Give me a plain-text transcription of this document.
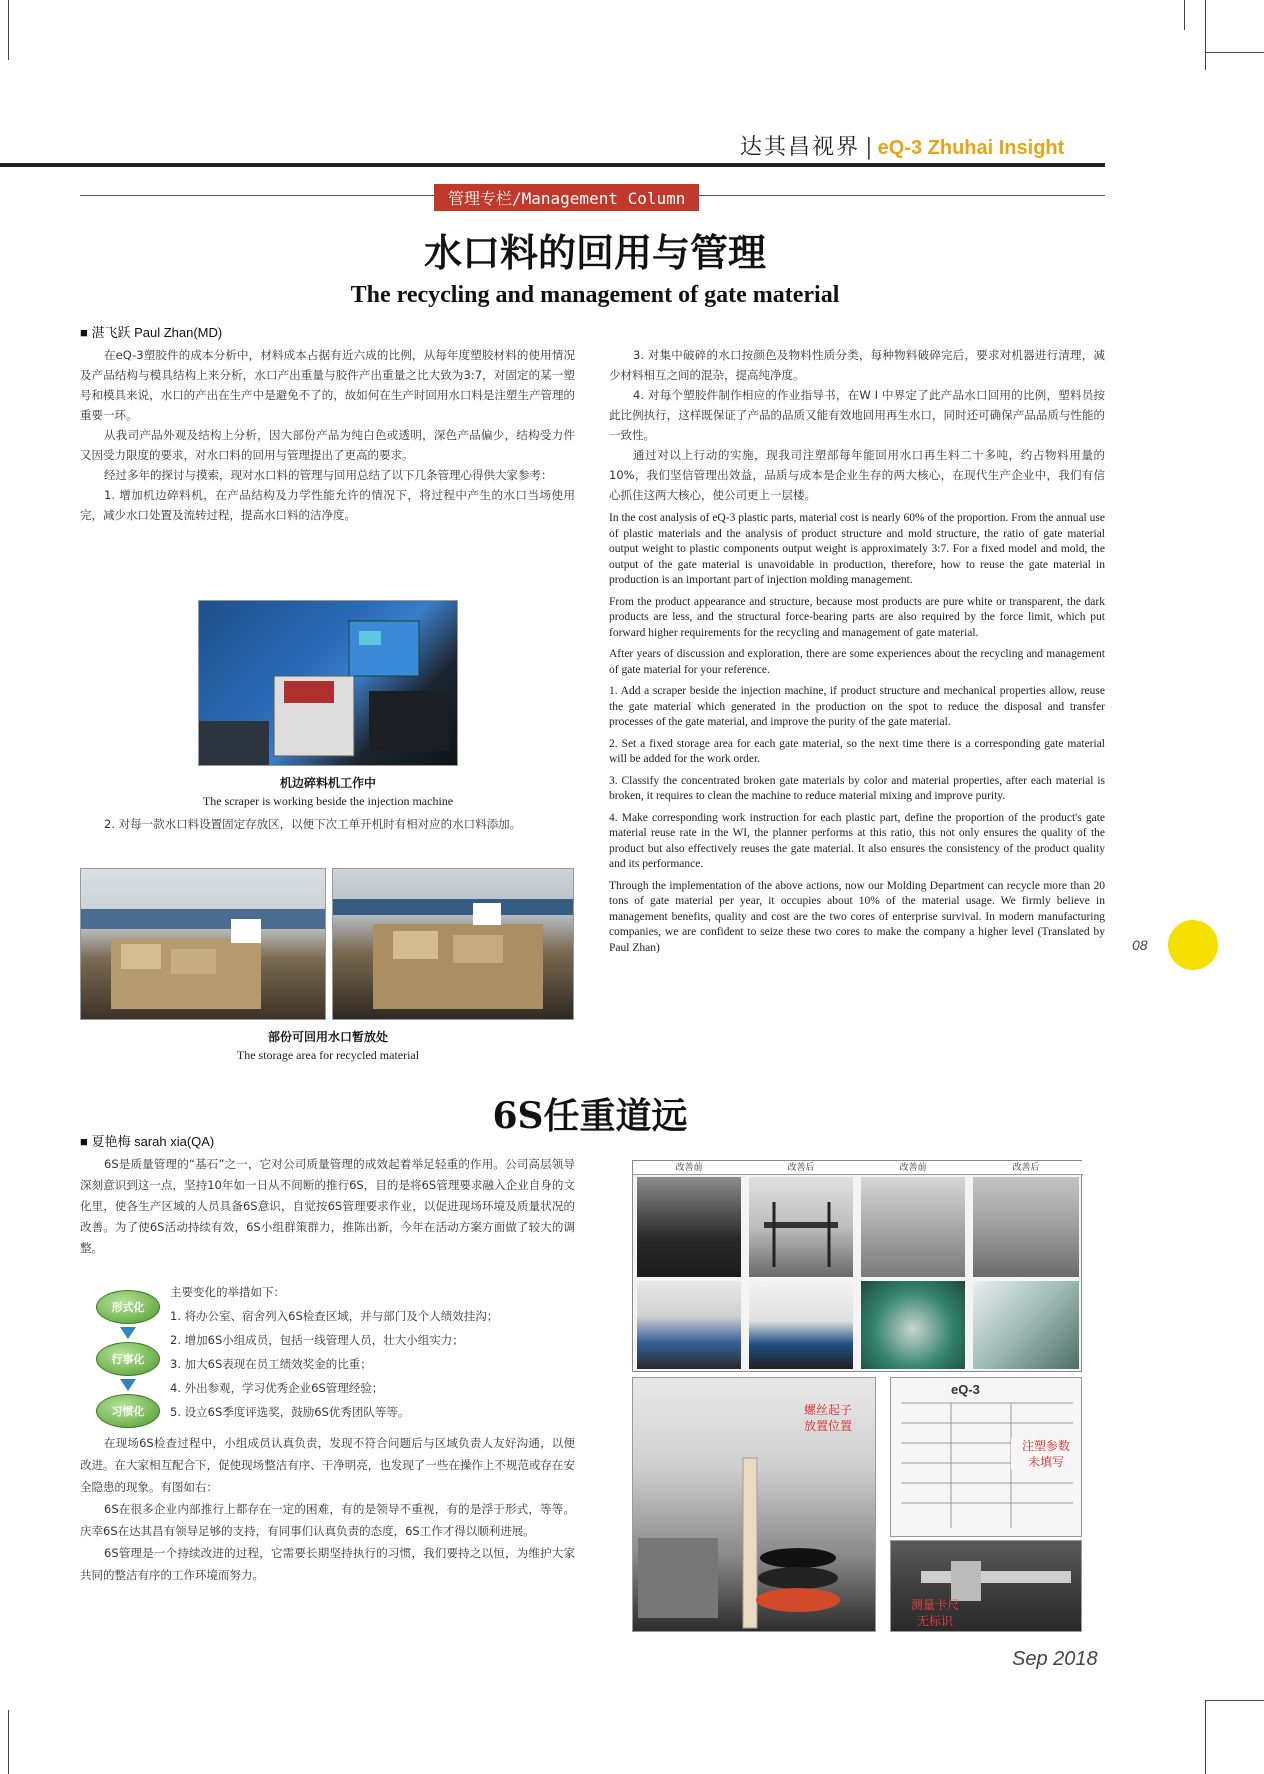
达其昌视界 | eQ-3 Zhuhai Insight
管理专栏/Management Column
水口料的回用与管理
The recycling and management of gate material
■ 湛飞跃 Paul Zhan(MD)

在eQ-3塑胶件的成本分析中，材料成本占据有近六成的比例，从每年度塑胶材料的使用情况及产品结构与模具结构上来分析，水口产出重量与胶件产出重量之比大致为3:7，对固定的某一塑号和模具来说，水口的产出在生产中是避免不了的，故如何在生产时回用水口料是注塑生产管理的重要一环。

从我司产品外观及结构上分析，因大部份产品为纯白色或透明，深色产品偏少，结构受力件又因受力限度的要求，对水口料的回用与管理提出了更高的要求。

经过多年的探讨与摸索，现对水口料的管理与回用总结了以下几条管理心得供大家参考：

1. 增加机边碎料机，在产品结构及力学性能允许的情况下，将过程中产生的水口当场使用完，减少水口处置及流转过程，提高水口料的洁净度。

机边碎料机工作中
The scraper is working beside the injection machine

2. 对每一款水口料设置固定存放区，以便下次工单开机时有相对应的水口料添加。

部份可回用水口暂放处
The storage area for recycled material

3. 对集中破碎的水口按颜色及物料性质分类，每种物料破碎完后，要求对机器进行清理，减少材料相互之间的混杂，提高纯净度。

4. 对每个塑胶件制作相应的作业指导书，在W I 中界定了此产品水口回用的比例，塑料员按此比例执行，这样既保证了产品的品质又能有效地回用再生水口，同时还可确保产品品质与性能的一致性。

通过对以上行动的实施，现我司注塑部每年能回用水口再生料二十多吨，约占物料用量的10%，我们坚信管理出效益，品质与成本是企业生存的两大核心，在现代生产企业中，我们有信心抓住这两大核心，使公司更上一层楼。

In the cost analysis of eQ-3 plastic parts, material cost is nearly 60% of the proportion. From the annual use of plastic materials and the analysis of product structure and mold structure, the ratio of gate material output weight to plastic components output weight is approximately 3:7. For a fixed model and mold, the output of the gate material is unavoidable in production, therefore, how to reuse the gate material in production is an important part of injection molding management.

From the product appearance and structure, because most products are pure white or transparent, the dark products are less, and the structural force-bearing parts are also required by the force limit, which put forward higher requirements for the recycling and management of gate material.

After years of discussion and exploration, there are some experiences about the recycling and management of gate material for your reference.

1. Add a scraper beside the injection machine, if product structure and mechanical properties allow, reuse the gate material which generated in the production on the spot to reduce the disposal and transfer processes of the gate material, and improve the purity of the gate material.

2. Set a fixed storage area for each gate material, so the next time there is a corresponding gate material will be added for the work order.

3. Classify the concentrated broken gate materials by color and material properties, after each material is broken, it requires to clean the machine to reduce material mixing and improve purity.

4. Make corresponding work instruction for each plastic part, define the proportion of the product's gate material reuse rate in the WI, the planner performs at this ratio, this not only ensures the quality of the product but also effectively reuses the gate material. It also ensures the consistency of the product quality and its performance.

Through the implementation of the above actions, now our Molding Department can recycle more than 20 tons of gate material per year, it occupies about 10% of the material usage. We firmly believe in management benefits, quality and cost are the two cores of enterprise survival. In modern manufacturing companies, we are confident to seize these two cores to make the company a higher level (Translated by Paul Zhan)	08
6S任重道远
■ 夏艳梅 sarah xia(QA)

6S是质量管理的“基石”之一，它对公司质量管理的成效起着举足轻重的作用。公司高层领导深刻意识到这一点，坚持10年如一日从不间断的推行6S，目的是将6S管理要求融入企业自身的文化里，使各生产区域的人员具备6S意识，自觉按6S管理要求作业，以促进现场环境及质量状况的改善。为了使6S活动持续有效，6S小组群策群力，推陈出新，今年在活动方案方面做了较大的调整。

形式化
行事化
习惯化
主要变化的举措如下：
1. 将办公室、宿舍列入6S检查区域，并与部门及个人绩效挂沟；
2. 增加6S小组成员，包括一线管理人员，壮大小组实力；
3. 加大6S表现在员工绩效奖金的比重；
4. 外出参观，学习优秀企业6S管理经验；
5. 设立6S季度评选奖，鼓励6S优秀团队等等。

在现场6S检查过程中，小组成员认真负责，发现不符合问题后与区域负责人友好沟通，以便改进。在大家相互配合下，促使现场整洁有序、干净明亮，也发现了一些在操作上不规范或存在安全隐患的现象。有图如右：

6S在很多企业内部推行上都存在一定的困难，有的是领导不重视，有的是浮于形式，等等。庆幸6S在达其昌有领导足够的支持，有同事们认真负责的态度，6S工作才得以顺利进展。

6S管理是一个持续改进的过程，它需要长期坚持执行的习惯，我们要持之以恒，为维护大家共同的整洁有序的工作环境而努力。

改善前	改善后	改善前	改善后
螺丝起子
放置位置
eQ-3
注塑参数
未填写
测量卡尺
无标识
Sep 2018
